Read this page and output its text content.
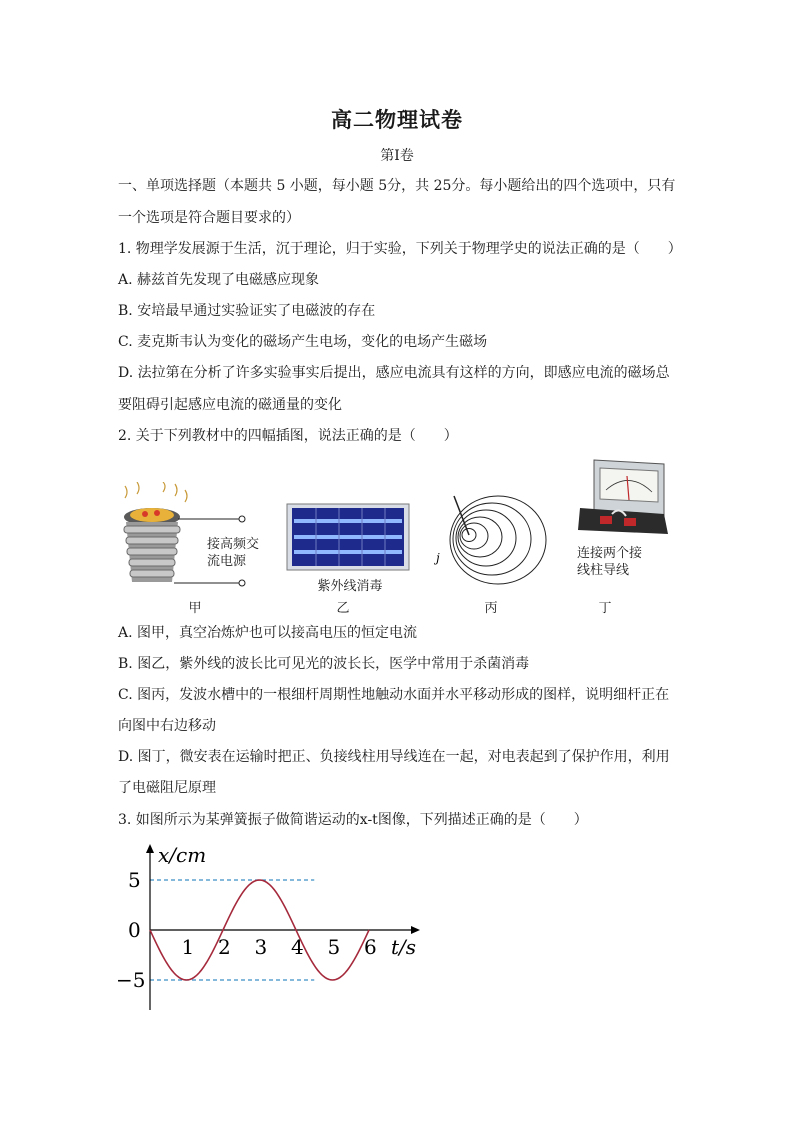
高二物理试卷
第I卷
一、单项选择题（本题共 5 小题，每小题 5分，共 25分。每小题给出的四个选项中，只有
一个选项是符合题目要求的）
1. 物理学发展源于生活，沉于理论，归于实验，下列关于物理学史的说法正确的是（　　）
A. 赫兹首先发现了电磁感应现象
B. 安培最早通过实验证实了电磁波的存在
C. 麦克斯韦认为变化的磁场产生电场，变化的电场产生磁场
D. 法拉第在分析了许多实验事实后提出，感应电流具有这样的方向，即感应电流的磁场总
要阻碍引起感应电流的磁通量的变化
2. 关于下列教材中的四幅插图，说法正确的是（　　）
接高频交
流电源
甲
紫外线消毒
乙
j
丙
连接两个接
线柱导线
丁
A. 图甲，真空冶炼炉也可以接高电压的恒定电流
B. 图乙，紫外线的波长比可见光的波长长，医学中常用于杀菌消毒
C. 图丙，发波水槽中的一根细杆周期性地触动水面并水平移动形成的图样，说明细杆正在
向图中右边移动
D. 图丁，微安表在运输时把正、负接线柱用导线连在一起，对电表起到了保护作用，利用
了电磁阻尼原理
3. 如图所示为某弹簧振子做简谐运动的x-t图像，下列描述正确的是（　　）
1 2 3 4 5 6
5
0
−5
x/cm
t/s
